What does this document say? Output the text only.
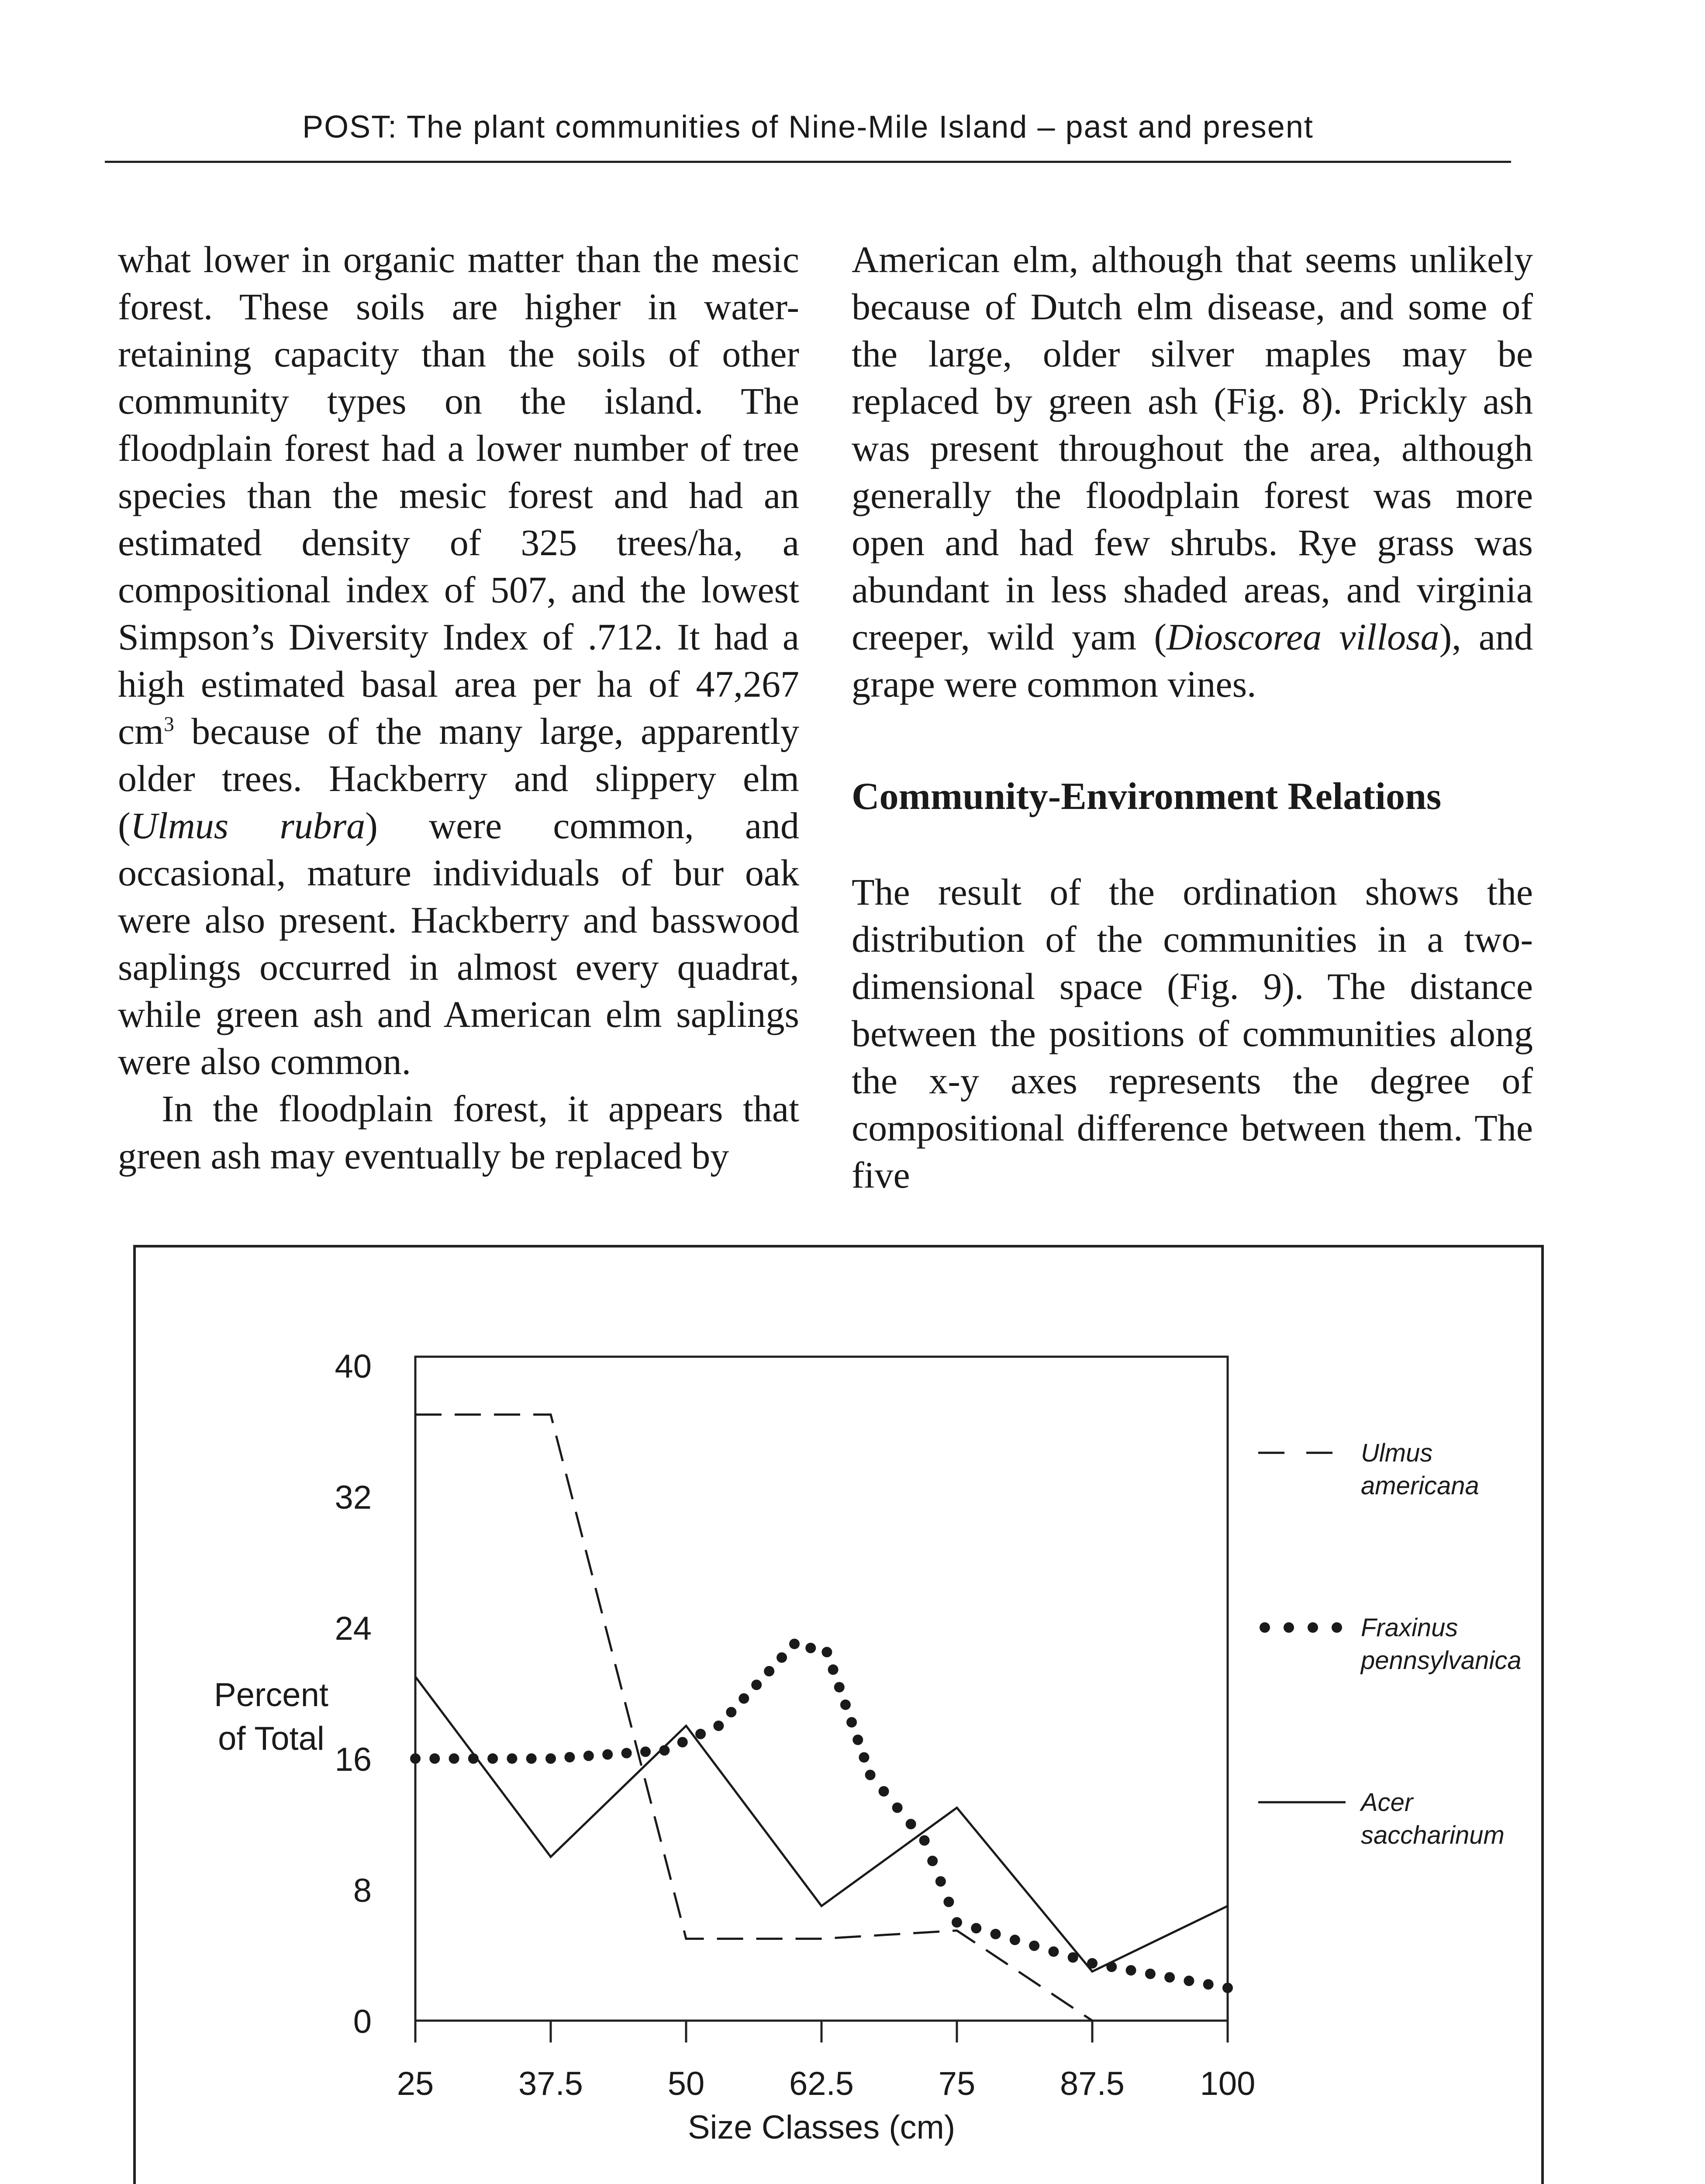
POST: The plant communities of Nine-Mile Island – past and present

what lower in organic matter than the mesic forest. These soils are higher in water-retaining capacity than the soils of other community types on the island. The floodplain forest had a lower number of tree species than the mesic forest and had an estimated density of 325 trees/ha, a compositional index of 507, and the lowest Simpson’s Diversity Index of .712. It had a high estimated basal area per ha of 47,267 $cm^3$ because of the many large, apparently older trees. Hackberry and slippery elm (Ulmus rubra) were common, and occasional, mature individuals of bur oak were also present. Hackberry and basswood saplings occurred in almost every quadrat, while green ash and American elm saplings were also common.

In the floodplain forest, it appears that green ash may eventually be replaced by

American elm, although that seems unlikely because of Dutch elm disease, and some of the large, older silver maples may be replaced by green ash (Fig. 8). Prickly ash was present throughout the area, although generally the floodplain forest was more open and had few shrubs. Rye grass was abundant in less shaded areas, and virginia creeper, wild yam (Dioscorea villosa), and grape were common vines.

Community-Environment Relations

The result of the ordination shows the distribution of the communities in a two-dimensional space (Fig. 9). The distance between the positions of communities along the x-y axes represents the degree of compositional difference between them. The five

Percent
of Total
Size Classes (cm)
0
8
16
24
32
40
25	37.5	50	62.5	75	87.5 100
Ulmus
americana
Fraxinus
pennsylvanica
Acer
saccharinum
